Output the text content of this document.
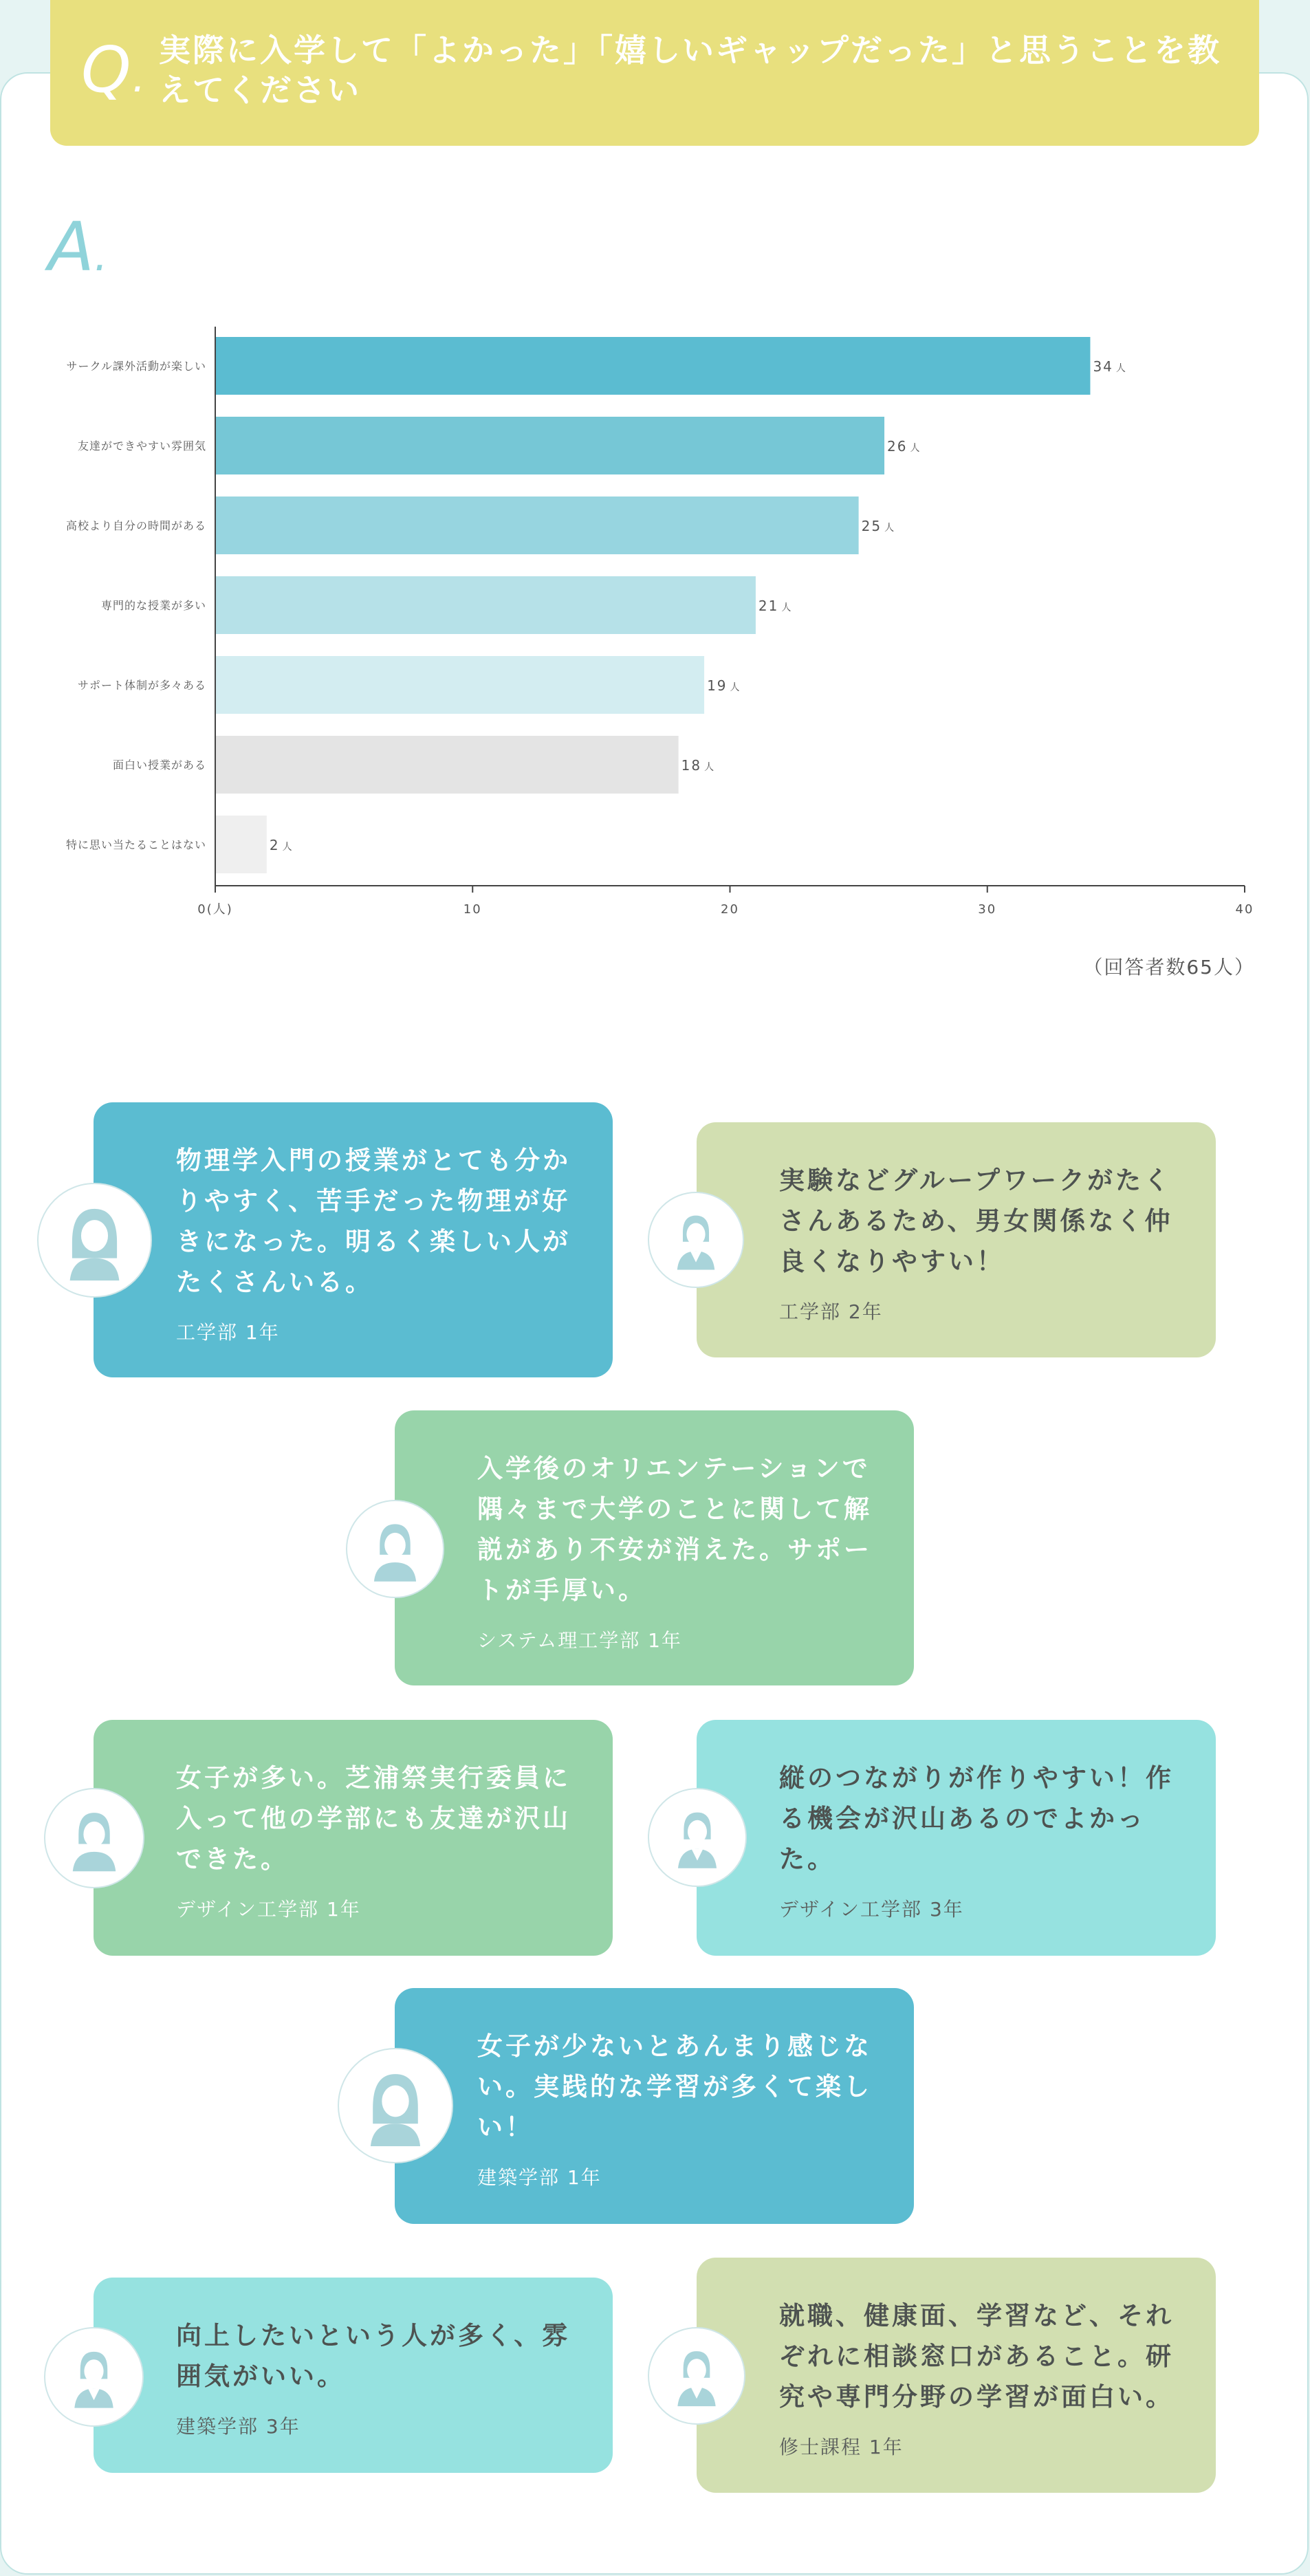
Q.
実際に入学して「よかった」「嬉しいギャップだった」と思うことを教えてください
A.
サークル課外活動が楽しい	34 人
友達ができやすい雰囲気	26 人
高校より自分の時間がある	25 人
専門的な授業が多い	21 人
サポート体制が多々ある	19 人
面白い授業がある	18 人
特に思い当たることはない	2 人
0(人)	10	20	30	40
（回答者数65人）
物理学入門の授業がとても分かりやすく、苦手だった物理が好きになった。明るく楽しい人がたくさんいる。
工学部 1年
実験などグループワークがたくさんあるため、男女関係なく仲良くなりやすい！
工学部 2年
入学後のオリエンテーションで隅々まで大学のことに関して解説があり不安が消えた。サポートが手厚い。
システム理工学部 1年
女子が多い。芝浦祭実行委員に入って他の学部にも友達が沢山できた。
デザイン工学部 1年
縦のつながりが作りやすい！作る機会が沢山あるのでよかった。
デザイン工学部 3年
女子が少ないとあんまり感じない。実践的な学習が多くて楽しい！
建築学部 1年
向上したいという人が多く、雰囲気がいい。
建築学部 3年
就職、健康面、学習など、それぞれに相談窓口があること。研究や専門分野の学習が面白い。
修士課程 1年
